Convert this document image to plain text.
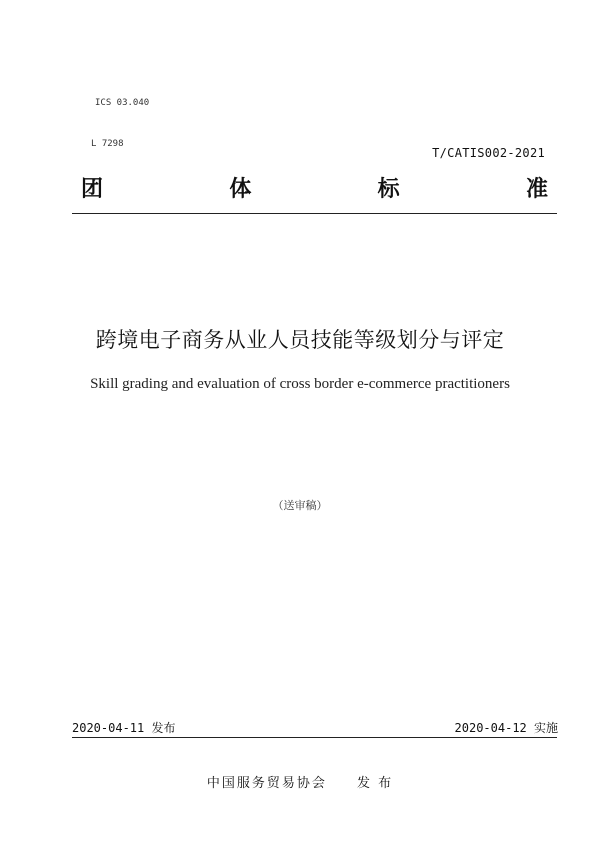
ICS 03.040
L 7298
T/CATIS002-2021
团	体	标	准
跨境电子商务从业人员技能等级划分与评定
Skill grading and evaluation of cross border e-commerce practitioners
（送审稿）
2020-04-11 发布	2020-04-12 实施
中国服务贸易协会 发 布
